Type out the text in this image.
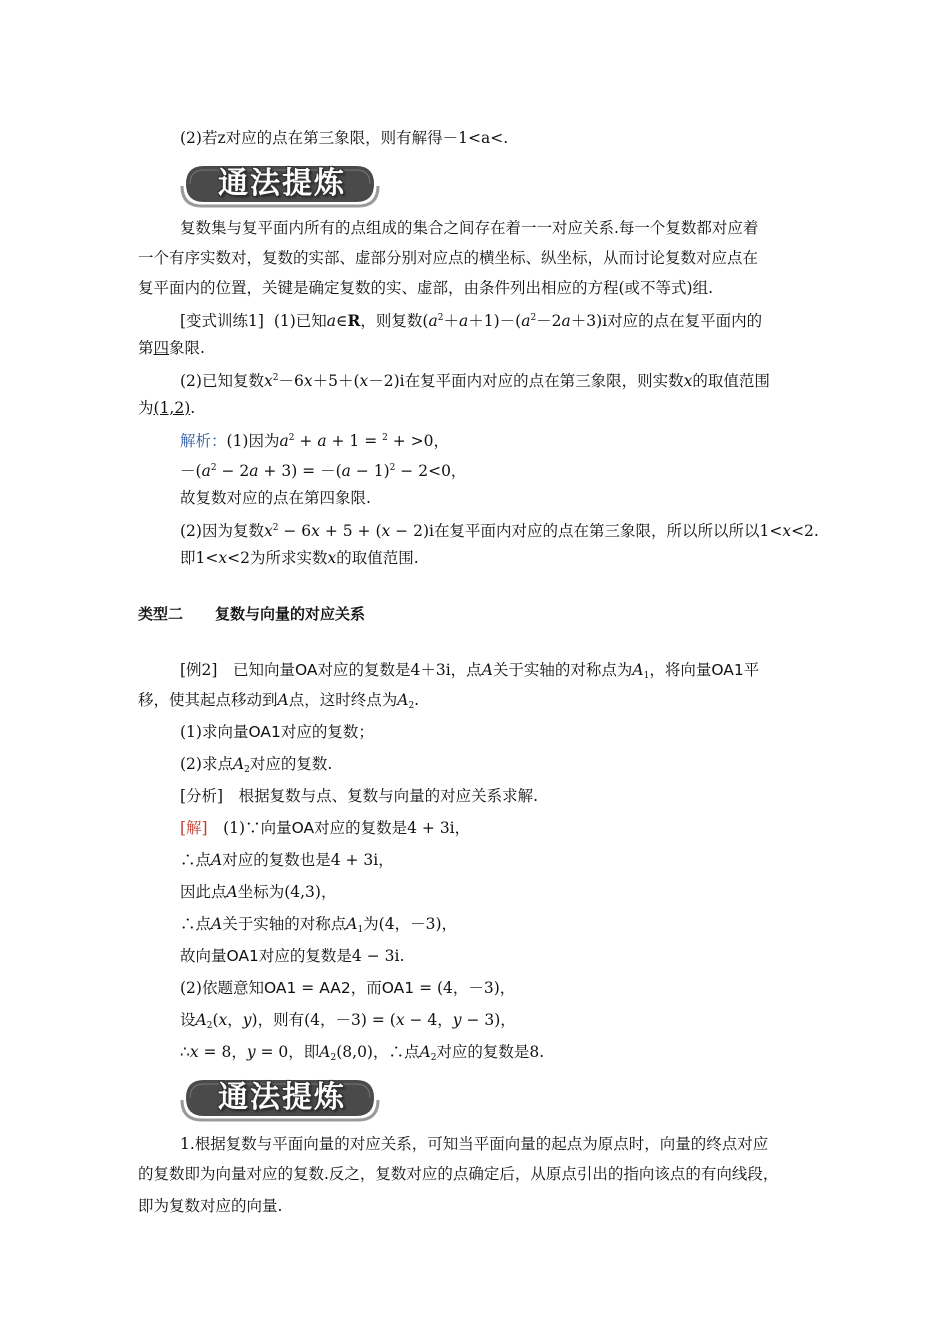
(2)若z对应的点在第三象限，则有解得－1<a<.
通法提炼
复数集与复平面内所有的点组成的集合之间存在着一一对应关系.每一个复数都对应着
一个有序实数对，复数的实部、虚部分别对应点的横坐标、纵坐标，从而讨论复数对应点在
复平面内的位置，关键是确定复数的实、虚部，由条件列出相应的方程(或不等式)组.
[变式训练1] (1)已知a∈R，则复数$(a^2+a+1)-(a^2-2a+3)i$对应的点在复平面内的
第四象限.
(2)已知复数$x^2-6x+5+(x-2)i$在复平面内对应的点在第三象限，则实数x的取值范围
为(1,2).
解析：(1)因为$a^2 + a + 1 = ^2 + >0$，
$-(a^2 - 2a + 3) = -(a - 1)^2 - 2<0$，
故复数对应的点在第四象限.
(2)因为复数$x^2 - 6x + 5 + (x - 2)i$在复平面内对应的点在第三象限，所以所以所以1<x<2.
即1<x<2为所求实数x的取值范围.
类型二 复数与向量的对应关系
[例2]　已知向量OA对应的复数是4＋3i，点A关于实轴的对称点为$A_1$，将向量OA1平
移，使其起点移动到A点，这时终点为$A_2$.
(1)求向量OA1对应的复数；
(2)求点$A_2$对应的复数.
[分析]　根据复数与点、复数与向量的对应关系求解.
[解]　(1)∵向量OA对应的复数是4 + 3i，
∴点A对应的复数也是4 + 3i，
因此点A坐标为(4,3)，
∴点A关于实轴的对称点$A_1$为(4，－3)，
故向量OA1对应的复数是4 − 3i.
(2)依题意知OA1 = AA2，而OA1 = (4，－3)，
设$A_2(x$，y)，则有(4，－3) = (x − 4，y − 3)，
∴x = 8，y = 0，即$A_2(8,0)$，∴点$A_2$对应的复数是8.
通法提炼
1.根据复数与平面向量的对应关系，可知当平面向量的起点为原点时，向量的终点对应
的复数即为向量对应的复数.反之，复数对应的点确定后，从原点引出的指向该点的有向线段，
即为复数对应的向量.
